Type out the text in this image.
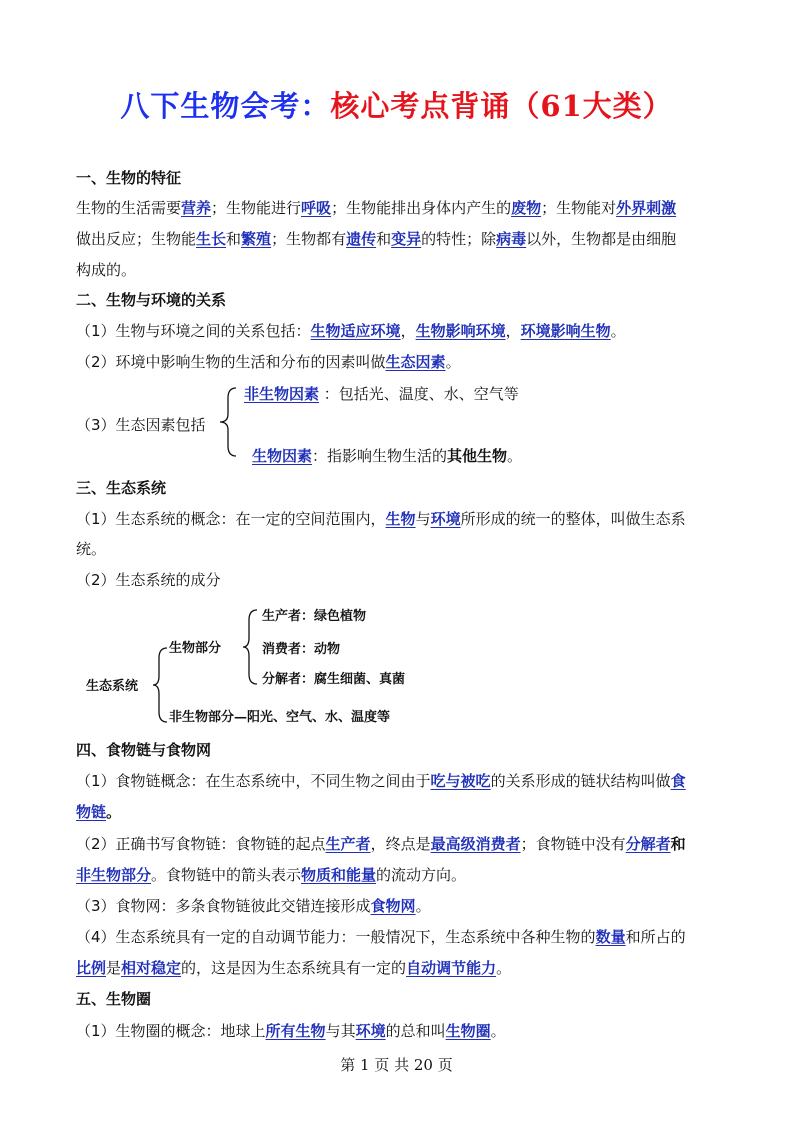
八下生物会考：核心考点背诵（61大类）
一、生物的特征
生物的生活需要营养；生物能进行呼吸；生物能排出身体内产生的废物；生物能对外界刺激
做出反应；生物能生长和繁殖；生物都有遗传和变异的特性；除病毒以外，生物都是由细胞
构成的。
二、生物与环境的关系
（1）生物与环境之间的关系包括：生物适应环境，生物影响环境，环境影响生物。
（2）环境中影响生物的生活和分布的因素叫做生态因素。
（3）生态因素包括
非生物因素 ：包括光、温度、水、空气等
生物因素：指影响生物生活的其他生物。
三、生态系统
（1）生态系统的概念：在一定的空间范围内，生物与环境所形成的统一的整体，叫做生态系
统。
（2）生态系统的成分
生态系统
生物部分
生产者：绿色植物
消费者：动物
分解者：腐生细菌、真菌
非生物部分—阳光、空气、水、温度等
四、食物链与食物网
（1）食物链概念：在生态系统中，不同生物之间由于吃与被吃的关系形成的链状结构叫做食
物链。
（2）正确书写食物链：食物链的起点生产者，终点是最高级消费者；食物链中没有分解者和
非生物部分。食物链中的箭头表示物质和能量的流动方向。
（3）食物网：多条食物链彼此交错连接形成食物网。
（4）生态系统具有一定的自动调节能力：一般情况下，生态系统中各种生物的数量和所占的
比例是相对稳定的，这是因为生态系统具有一定的自动调节能力。
五、生物圈
（1）生物圈的概念：地球上所有生物与其环境的总和叫生物圈。
第 1 页 共 20 页
